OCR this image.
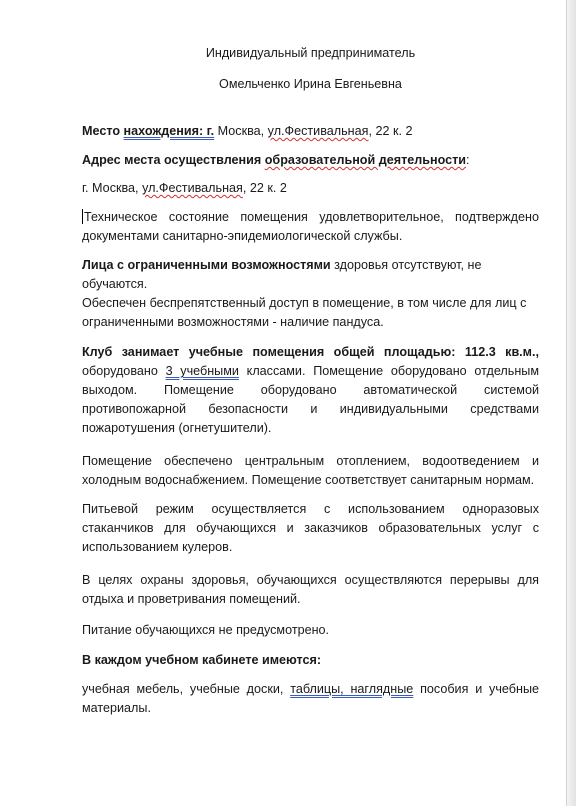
Индивидуальный предприниматель

Омельченко Ирина Евгеньевна

Место нахождения: г. Москва, ул.Фестивальная, 22 к. 2

Адрес места осуществления образовательной деятельности:

г. Москва, ул.Фестивальная, 22 к. 2

Техническое состояние помещения удовлетворительное, подтверждено документами санитарно-эпидемиологической службы.

Лица с ограниченными возможностями здоровья отсутствуют, не обучаются.

Обеспечен беспрепятственный доступ в помещение, в том числе для лиц с ограниченными возможностями - наличие пандуса.

Клуб занимает учебные помещения общей площадью: 112.3 кв.м., оборудовано 3 учебными классами. Помещение оборудовано отдельным выходом. Помещение оборудовано автоматической системой противопожарной безопасности и индивидуальными средствами пожаротушения (огнетушители).

Помещение обеспечено центральным отоплением, водоотведением и холодным водоснабжением. Помещение соответствует санитарным нормам.

Питьевой режим осуществляется с использованием одноразовых стаканчиков для обучающихся и заказчиков образовательных услуг с использованием кулеров.

В целях охраны здоровья, обучающихся осуществляются перерывы для отдыха и проветривания помещений.

Питание обучающихся не предусмотрено.

В каждом учебном кабинете имеются:

учебная мебель, учебные доски, таблицы, наглядные пособия и учебные материалы.
